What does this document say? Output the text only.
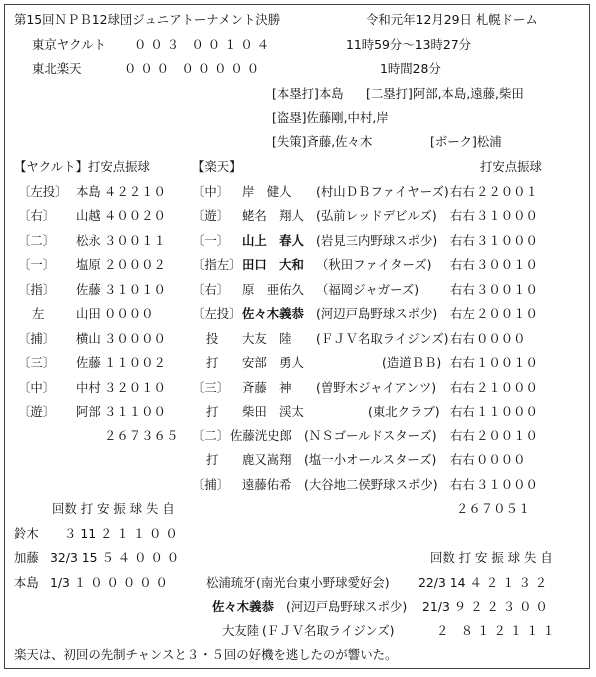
第15回ＮＰＢ12球団ジュニアトーナメント決勝	令和元年12月29日 札幌ドーム
東京ヤクルト ０ ０ ３　０ ０ １ ０ ４	11時59分～13時27分
東北楽天	０ ０ ０　０ ０ ０ ０ ０	1時間28分
[本塁打]本島 [二塁打]阿部,本島,遠藤,柴田
[盗塁]佐藤剛,中村,岸
[失策]斉藤,佐々木	[ボーク]松浦
【ヤクルト】打安点振球	【楽天】	打安点振球
〔左投〕 本島 ４２２１０
〔右〕 山越 ４００２０
〔二〕 松永 ３００１１
〔一〕 塩原 ２０００２
〔指〕 佐藤 ３１０１０
左	山田 ００００
〔捕〕 横山 ３００００
〔三〕 佐藤 １１００２
〔中〕 中村 ３２０１０
〔遊〕 阿部 ３１１００
２６７３６５
〔中〕 岸　健人 (村山ＤＢファイヤーズ) 右右 ２２００１
〔遊〕 蛯名　翔人 (弘前レッドデビルズ) 右右 ３１０００
〔一〕 山上　春人 (岩見三内野球スポ少) 右右 ３１０００
〔指左〕 田口　大和 （秋田ファイターズ) 右右 ３００１０
〔右〕 原　亜佑久 （福岡ジャガーズ) 右右 ３００１０
〔左投〕 佐々木義恭 (河辺戸島野球スポ少) 右左 ２００１０
投 大友　陸 (ＦＪＶ名取ライジンズ) 右右 ００００
打 安部　勇人	(造道ＢＢ) 右右 １００１０
〔三〕 斉藤　神 (曽野木ジャイアンツ) 右右 ２１０００
打 柴田　渓太	(東北クラブ) 右右 １１０００
〔二〕 佐藤洸史郎 (ＮＳゴールドスターズ) 右右 ２００１０
打 鹿又嵩翔 (塩一小オールスターズ) 右右 ００００
〔捕〕 遠藤佑希 (大谷地二侯野球スポ少) 右右 ３１０００
回数 打 安 振 球 失 自	２６７０５１
鈴木 ３ 11 ２ １ １ ０ ０
加藤 32/3 15 ５ ４ ０ ０ ０	回数 打 安 振 球 失 自
本島 1/3 １ ０ ０ ０ ０ ０	松浦琉牙 (南光台東小野球愛好会) 22/3 14 ４ ２ １ ３ ２
佐々木義恭 (河辺戸島野球スポ少) 21/3 ９ ２ ２ ３ ０ ０
大友陸 (ＦＪＶ名取ライジンズ)	２　８ １ ２ １ １ １
楽天は、初回の先制チャンスと３・５回の好機を逃したのが響いた。
